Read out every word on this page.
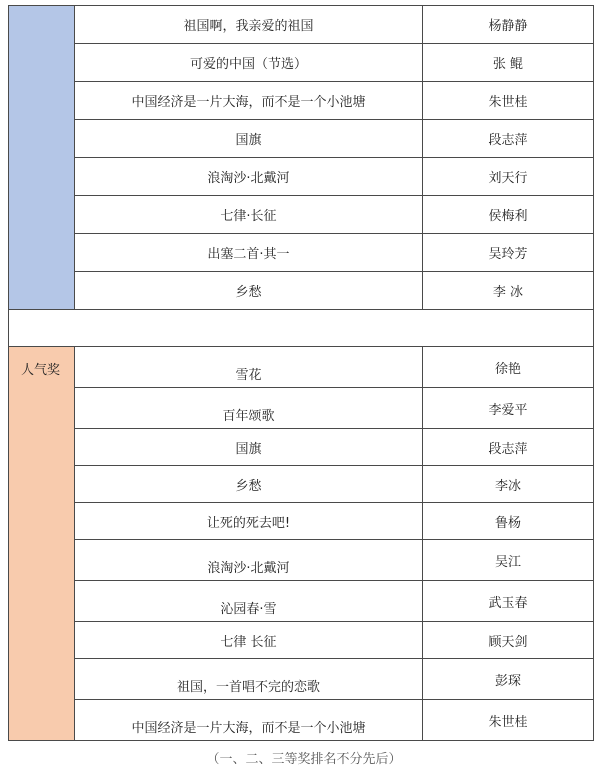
	祖国啊，我亲爱的祖国	杨静静
	可爱的中国（节选）	张 鲲
	中国经济是一片大海，而不是一个小池塘	朱世桂
	国旗	段志萍
	浪淘沙·北戴河	刘天行
	七律·长征	侯梅利
	出塞二首·其一	吴玲芳
	乡愁	李 冰

人气奖	雪花	徐艳
	百年颂歌	李爱平
	国旗	段志萍
	乡愁	李冰
	让死的死去吧!	鲁杨
	浪淘沙·北戴河	吴江
	沁园春·雪	武玉春
	七律 长征	顾天剑
	祖国，一首唱不完的恋歌	彭琛
	中国经济是一片大海，而不是一个小池塘	朱世桂
（一、二、三等奖排名不分先后）
